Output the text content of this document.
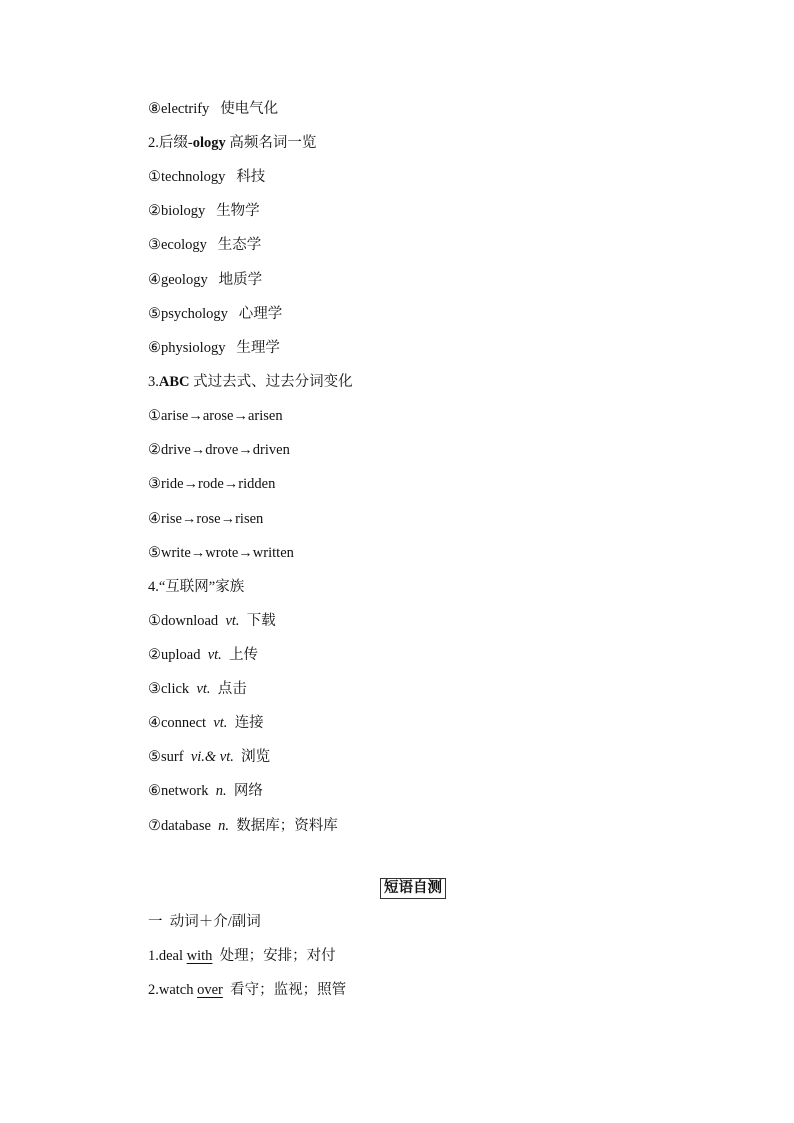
⑧electrify 使电气化
2.后缀-ology 高频名词一览
①technology 科技
②biology 生物学
③ecology 生态学
④geology 地质学
⑤psychology 心理学
⑥physiology 生理学
3.ABC 式过去式、过去分词变化
①arise→arose→arisen
②drive→drove→driven
③ride→rode→ridden
④rise→rose→risen
⑤write→wrote→written
4.“互联网”家族
①download vt. 下载
②upload vt. 上传
③click vt. 点击
④connect vt. 连接
⑤surf vi.& vt. 浏览
⑥network n. 网络
⑦database n. 数据库；资料库
短语自测
一  动词＋介/副词
1.deal with 处理；安排；对付
2.watch over 看守；监视；照管
